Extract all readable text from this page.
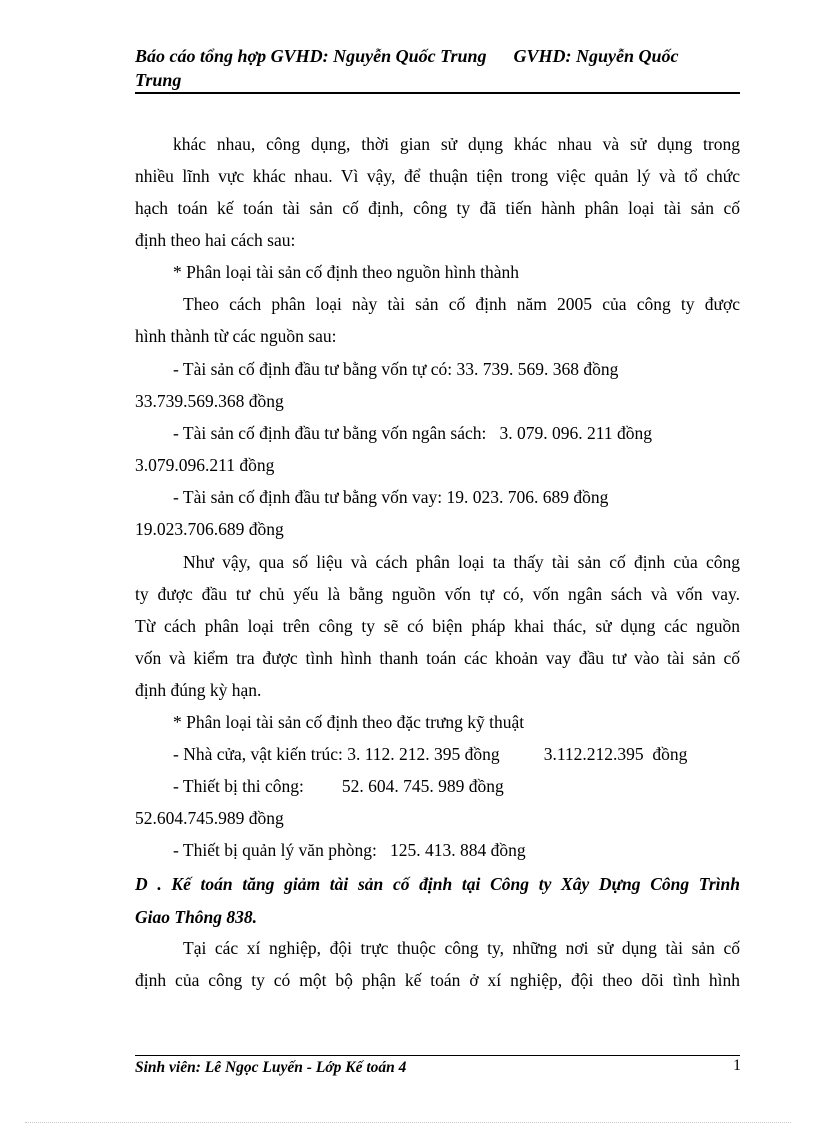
Báo cáo tổng hợp GVHD: Nguyễn Quốc Trung      GVHD: Nguyễn Quốc
Trung
khác nhau, công dụng, thời gian sử dụng khác nhau và sử dụng trong
nhiều lĩnh vực khác nhau. Vì vậy, để thuận tiện trong việc quản lý và tổ chức
hạch toán kế toán tài sản cố định, công ty đã tiến hành phân loại tài sản cố
định theo hai cách sau:
* Phân loại tài sản cố định theo nguồn hình thành
Theo cách phân loại này tài sản cố định năm 2005 của công ty được
hình thành từ các nguồn sau:
- Tài sản cố định đầu tư bằng vốn tự có: 33. 739. 569. 368 đồng
33.739.569.368 đồng
- Tài sản cố định đầu tư bằng vốn ngân sách:   3. 079. 096. 211 đồng
3.079.096.211 đồng
- Tài sản cố định đầu tư bằng vốn vay: 19. 023. 706. 689 đồng
19.023.706.689 đồng
Như vậy, qua số liệu và cách phân loại ta thấy tài sản cố định của công
ty được đầu tư chủ yếu là bằng nguồn vốn tự có, vốn ngân sách và vốn vay.
Từ cách phân loại trên công ty sẽ có biện pháp khai thác, sử dụng các nguồn
vốn và kiểm tra được tình hình thanh toán các khoản vay đầu tư vào tài sản cố
định đúng kỳ hạn.
* Phân loại tài sản cố định theo đặc trưng kỹ thuật
- Nhà cửa, vật kiến trúc: 3. 112. 212. 395 đồng	3.112.212.395  đồng
- Thiết bị thi công: 52. 604. 745. 989 đồng
52.604.745.989 đồng
- Thiết bị quản lý văn phòng:   125. 413. 884 đồng
D . Kế toán tăng giảm tài sản cố định tại Công ty Xây Dựng Công Trình
Giao Thông 838.
Tại các xí nghiệp, đội trực thuộc công ty, những nơi sử dụng tài sản cố
định của công ty có một bộ phận kế toán ở xí nghiệp, đội theo dõi tình hình
Sinh viên: Lê Ngọc Luyến - Lớp Kế toán 4	1
